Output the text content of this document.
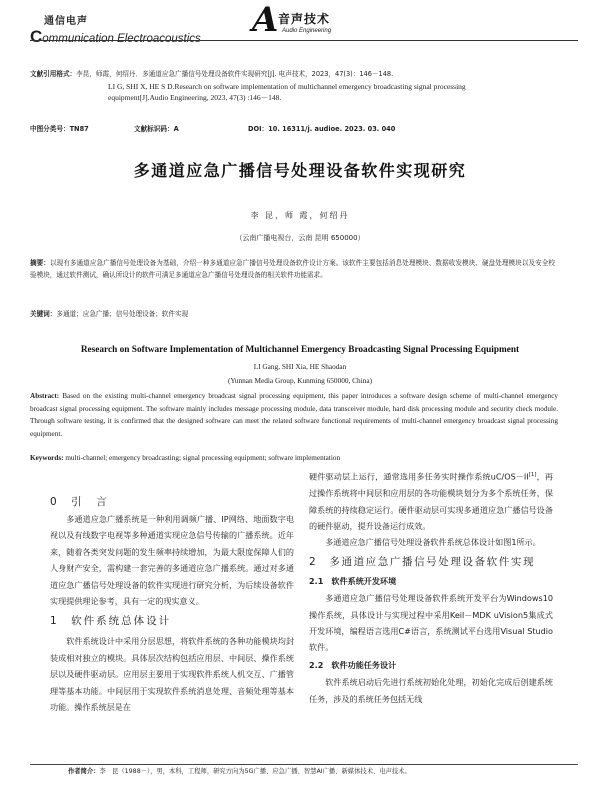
通信电声
Communication Electroacoustics	A 音声技术
Audio Engineering
文献引用格式：李昆，师霞，何绍丹．多通道应急广播信号处理设备软件实现研究[J]. 电声技术，2023，47(3)：146－148.
LI G, SHI X, HE S D.Research on software implementation of multichannel emergency broadcasting signal processing
equipment[J].Audio Engineering, 2023, 47(3) :146－148.
中图分类号：TN87	文献标识码：A	DOI：10. 16311/j. audioe. 2023. 03. 040
多通道应急广播信号处理设备软件实现研究
李 昆，师 霞，何绍丹
（云南广播电视台，云南 昆明 650000）
摘要：以现有多通道应急广播信号处理设备为基础，介绍一种多通道应急广播信号处理设备软件设计方案。该软件主要包括消息处理模块、数据收发模块、硬盘处理模块以及安全校验模块，通过软件测试，确认所设计的软件可满足多通道应急广播信号处理设备的相关软件功能需求。
关键词：多通道；应急广播；信号处理设备；软件实现
Research on Software Implementation of Multichannel Emergency Broadcasting Signal Processing Equipment
LI Gang, SHI Xia, HE Shaodan
(Yunnan Media Group, Kunming 650000, China)
Abstract: Based on the existing multi-channel emergency broadcast signal processing equipment, this paper introduces a software design scheme of multi-channel emergency broadcast signal processing equipment. The software mainly includes message processing module, data transceiver module, hard disk processing module and security check module. Through software testing, it is confirmed that the designed software can meet the related software functional requirements of multi-channel emergency broadcast signal processing equipment.
Keywords: multi-channel; emergency broadcasting; signal processing equipment; software implementation
0　引　言

多通道应急广播系统是一种利用调频广播、IP网络、地面数字电视以及有线数字电视等多种通道实现应急信号传输的广播系统。近年来，随着各类突发问题的发生频率持续增加，为最大限度保障人们的人身财产安全，需构建一套完善的多通道应急广播系统。通过对多通道应急广播信号处理设备的软件实现进行研究分析，为后续设备软件实现提供理论参考，具有一定的现实意义。

1　软件系统总体设计

软件系统设计中采用分层思想，将软件系统的各种功能模块均封装成相对独立的模块。具体层次结构包括应用层、中间层、操作系统层以及硬件驱动层。应用层主要用于实现软件系统人机交互、广播管理等基本功能。中间层用于实现软件系统消息处理、音频处理等基本功能。操作系统层是在

硬件驱动层上运行，通常选用多任务实时操作系统uC/OS－II[1]，再过操作系统将中间层和应用层的各功能模块划分为多个系统任务，保障系统的持续稳定运行。硬件驱动层可实现多通道应急广播信号设备的硬件驱动，提升设备运行成效。

多通道应急广播信号处理设备软件系统总体设计如图1所示。

2　多通道应急广播信号处理设备软件实现
2.1　软件系统开发环境

多通道应急广播信号处理设备软件系统开发平台为Windows10操作系统，具体设计与实现过程中采用Keil－MDK uVision5集成式开发环境，编程语言选用C#语言，系统测试平台选用Visual Studio软件。

2.2　软件功能任务设计

软件系统启动后先进行系统初始化处理，初始化完成后创建系统任务，涉及的系统任务包括无线

作者简介：李　昆（1988－），男，本科，工程师，研究方向为5G广播、应急广播、智慧AI广播、新媒体技术、电声技术。
